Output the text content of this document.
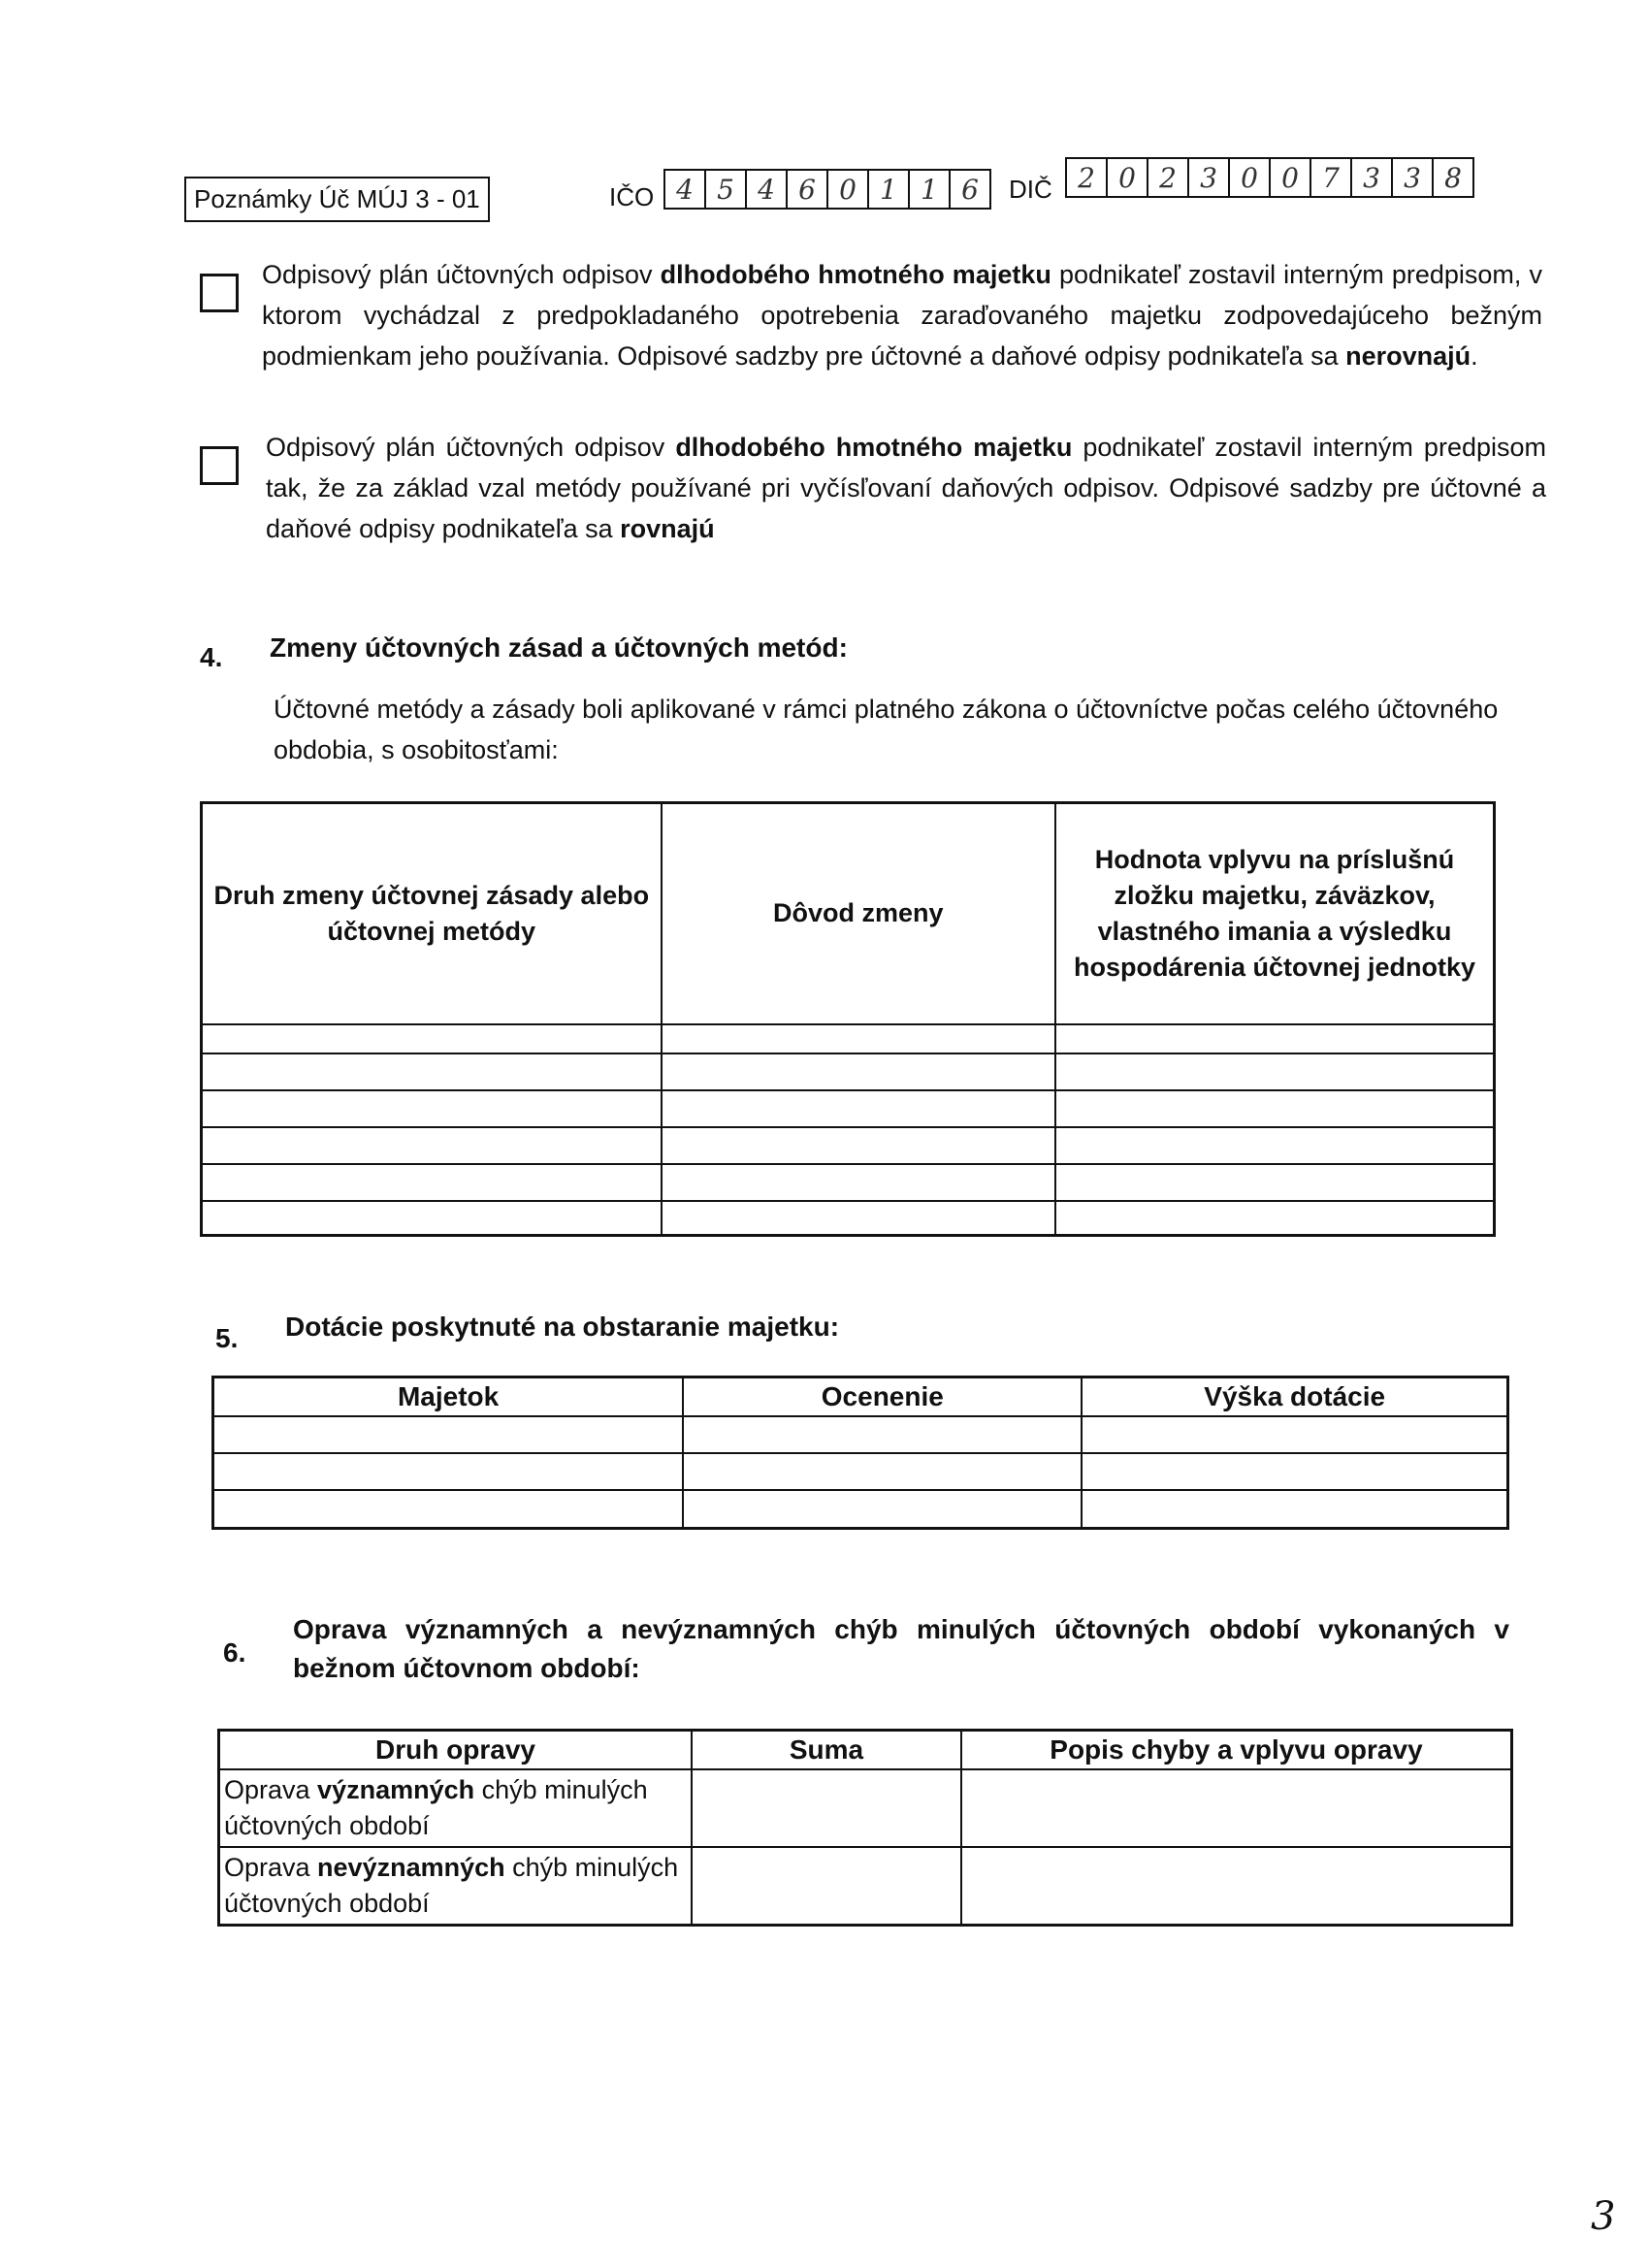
Poznámky Úč MÚJ 3 - 01	IČO 4 5 4 6 0 1 1 6	DIČ 2 0 2 3 0 0 7 3 3 8
Odpisový plán účtovných odpisov dlhodobého hmotného majetku podnikateľ zostavil interným predpisom, v ktorom vychádzal z predpokladaného opotrebenia zaraďovaného majetku zodpovedajúceho bežným podmienkam jeho používania. Odpisové sadzby pre účtovné a daňové odpisy podnikateľa sa nerovnajú.
Odpisový plán účtovných odpisov dlhodobého hmotného majetku podnikateľ zostavil interným predpisom tak, že za základ vzal metódy používané pri vyčísľovaní daňových odpisov. Odpisové sadzby pre účtovné a daňové odpisy podnikateľa sa rovnajú
4. Zmeny účtovných zásad a účtovných metód:
Účtovné metódy a zásady boli aplikované v rámci platného zákona o účtovníctve počas celého účtovného obdobia, s osobitosťami:
Druh zmeny účtovnej zásady alebo účtovnej metódy	Dôvod zmeny	Hodnota vplyvu na príslušnú zložku majetku, záväzkov, vlastného imania a výsledku hospodárenia účtovnej jednotky

5. Dotácie poskytnuté na obstaranie majetku:
Majetok	Ocenenie	Výška dotácie

6.
Oprava významných a nevýznamných chýb minulých účtovných období vykonaných v bežnom účtovnom období:
Druh opravy	Suma	Popis chyby a vplyvu opravy
Oprava významných chýb minulých účtovných období		
Oprava nevýznamných chýb minulých účtovných období		
3
